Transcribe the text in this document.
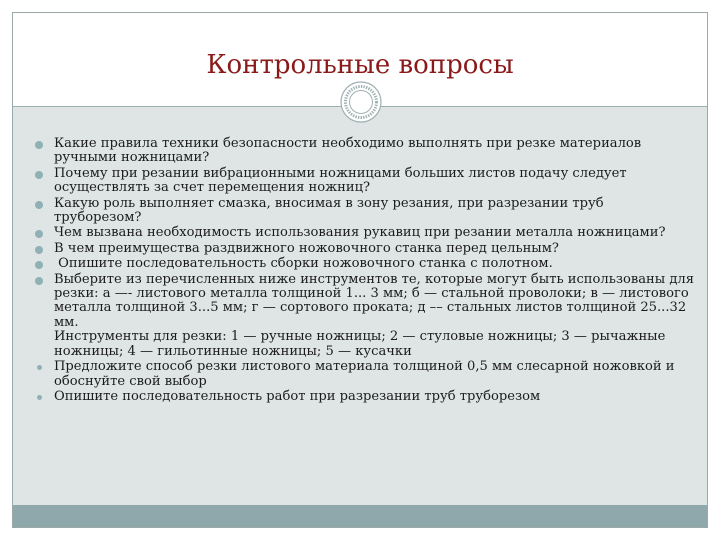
Контрольные вопросы
Какие правила техники безопасности необходимо выполнять при резке материалов ручными ножницами?
Почему при резании вибрационными ножницами больших листов подачу следует осуществлять за счет перемещения ножниц?
Какую роль выполняет смазка, вносимая в зону резания, при разрезании труб труборезом?
Чем вызвана необходимость использования рукавиц при резании металла ножницами?
В чем преимущества раздвижного ножовочного станка перед цельным?
Опишите последовательность сборки ножовочного станка с полотном.
Выберите из перечисленных ниже инструментов те, которые могут быть использованы для резки: а —- листового металла толщиной 1... 3 мм; б — стальной проволоки; в — листового металла толщиной 3...5 мм; г — сортового проката; д –– стальных листов толщиной 25...32 мм.
Инструменты для резки: 1 — ручные ножницы; 2 — стуловые ножницы; 3 — рычажные ножницы; 4 — гильотинные ножницы; 5 — кусачки
Предложите способ резки листового материала толщиной 0,5 мм слесарной ножовкой и обоснуйте свой выбор
Опишите последовательность работ при разрезании труб труборезом
